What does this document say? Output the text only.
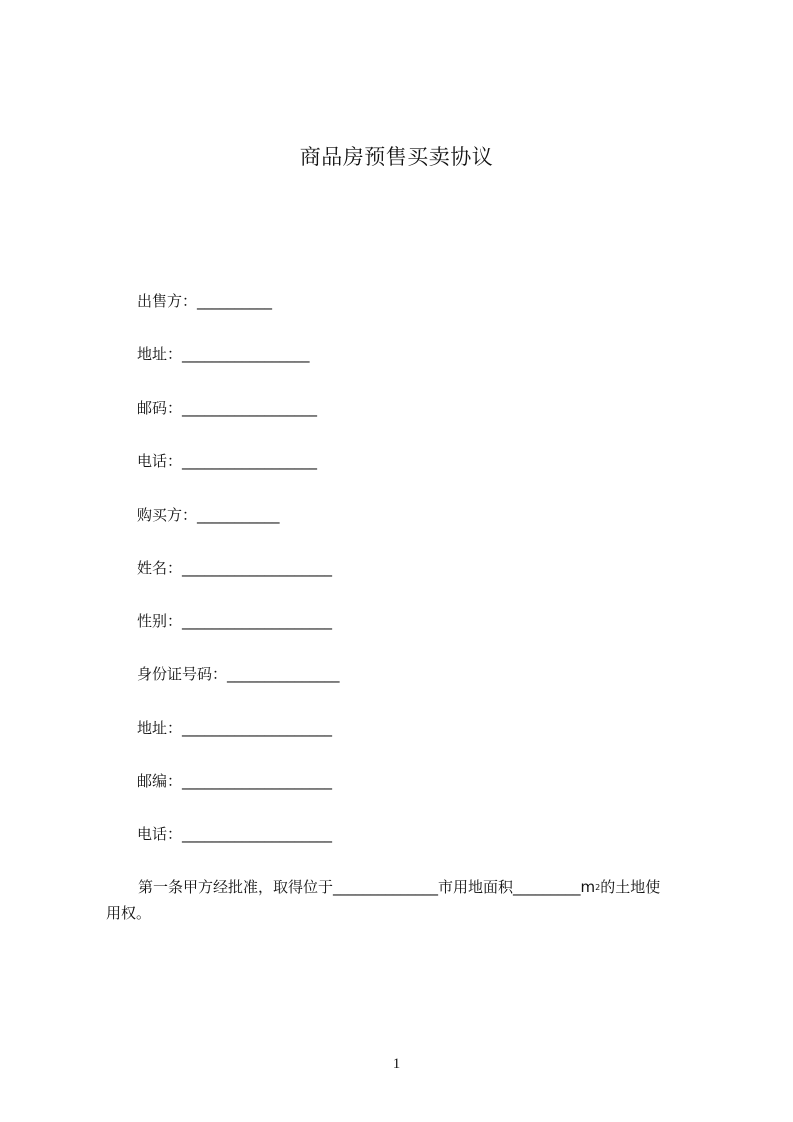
商品房预售买卖协议
出售方：__________
地址：_________________
邮码：__________________
电话：__________________
购买方：___________
姓名：____________________
性别：____________________
身份证号码：_______________
地址：____________________
邮编：____________________
电话：____________________
第一条甲方经批准，取得位于______________市用地面积$\_\_\_\_\_\_\_\_\_m^2$的土地使
用权。
1
